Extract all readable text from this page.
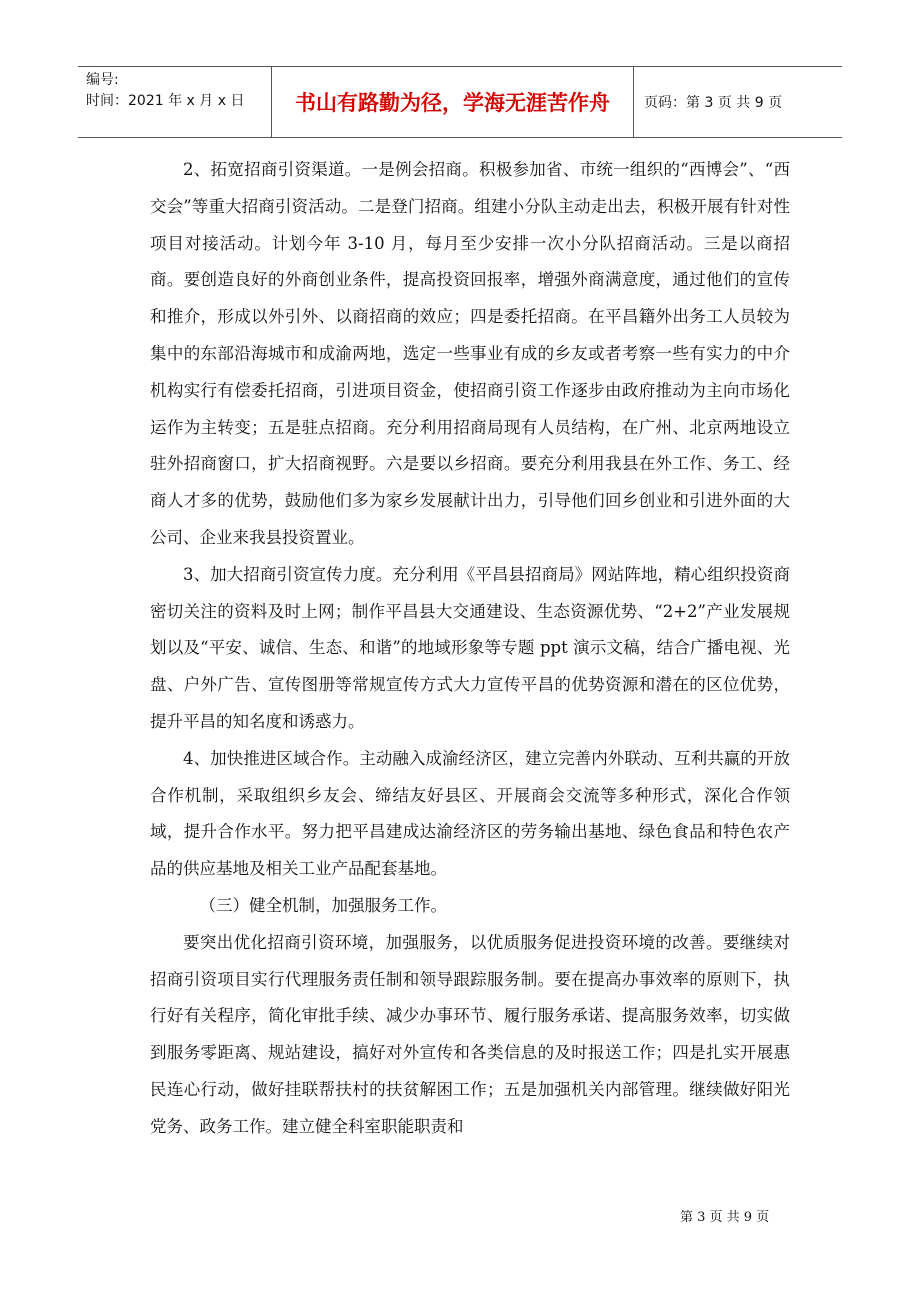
编号:
时间：2021 年 x 月 x 日	书山有路勤为径，学海无涯苦作舟 页码：第 3 页 共 9 页

2、拓宽招商引资渠道。一是例会招商。积极参加省、市统一组织的“西博会”、“西交会”等重大招商引资活动。二是登门招商。组建小分队主动走出去，积极开展有针对性项目对接活动。计划今年 3-10 月，每月至少安排一次小分队招商活动。三是以商招商。要创造良好的外商创业条件，提高投资回报率，增强外商满意度，通过他们的宣传和推介，形成以外引外、以商招商的效应；四是委托招商。在平昌籍外出务工人员较为集中的东部沿海城市和成渝两地，选定一些事业有成的乡友或者考察一些有实力的中介机构实行有偿委托招商，引进项目资金，使招商引资工作逐步由政府推动为主向市场化运作为主转变；五是驻点招商。充分利用招商局现有人员结构，在广州、北京两地设立驻外招商窗口，扩大招商视野。六是要以乡招商。要充分利用我县在外工作、务工、经商人才多的优势，鼓励他们多为家乡发展献计出力，引导他们回乡创业和引进外面的大公司、企业来我县投资置业。

3、加大招商引资宣传力度。充分利用《平昌县招商局》网站阵地，精心组织投资商密切关注的资料及时上网；制作平昌县大交通建设、生态资源优势、“2+2”产业发展规划以及“平安、诚信、生态、和谐”的地域形象等专题 ppt 演示文稿，结合广播电视、光盘、户外广告、宣传图册等常规宣传方式大力宣传平昌的优势资源和潜在的区位优势，提升平昌的知名度和诱惑力。

4、加快推进区域合作。主动融入成渝经济区，建立完善内外联动、互利共赢的开放合作机制，采取组织乡友会、缔结友好县区、开展商会交流等多种形式，深化合作领域，提升合作水平。努力把平昌建成达渝经济区的劳务输出基地、绿色食品和特色农产品的供应基地及相关工业产品配套基地。

（三）健全机制，加强服务工作。

要突出优化招商引资环境，加强服务，以优质服务促进投资环境的改善。要继续对招商引资项目实行代理服务责任制和领导跟踪服务制。要在提高办事效率的原则下，执行好有关程序，简化审批手续、减少办事环节、履行服务承诺、提高服务效率，切实做到服务零距离、规站建设，搞好对外宣传和各类信息的及时报送工作；四是扎实开展惠民连心行动，做好挂联帮扶村的扶贫解困工作；五是加强机关内部管理。继续做好阳光党务、政务工作。建立健全科室职能职责和

第 3 页 共 9 页
